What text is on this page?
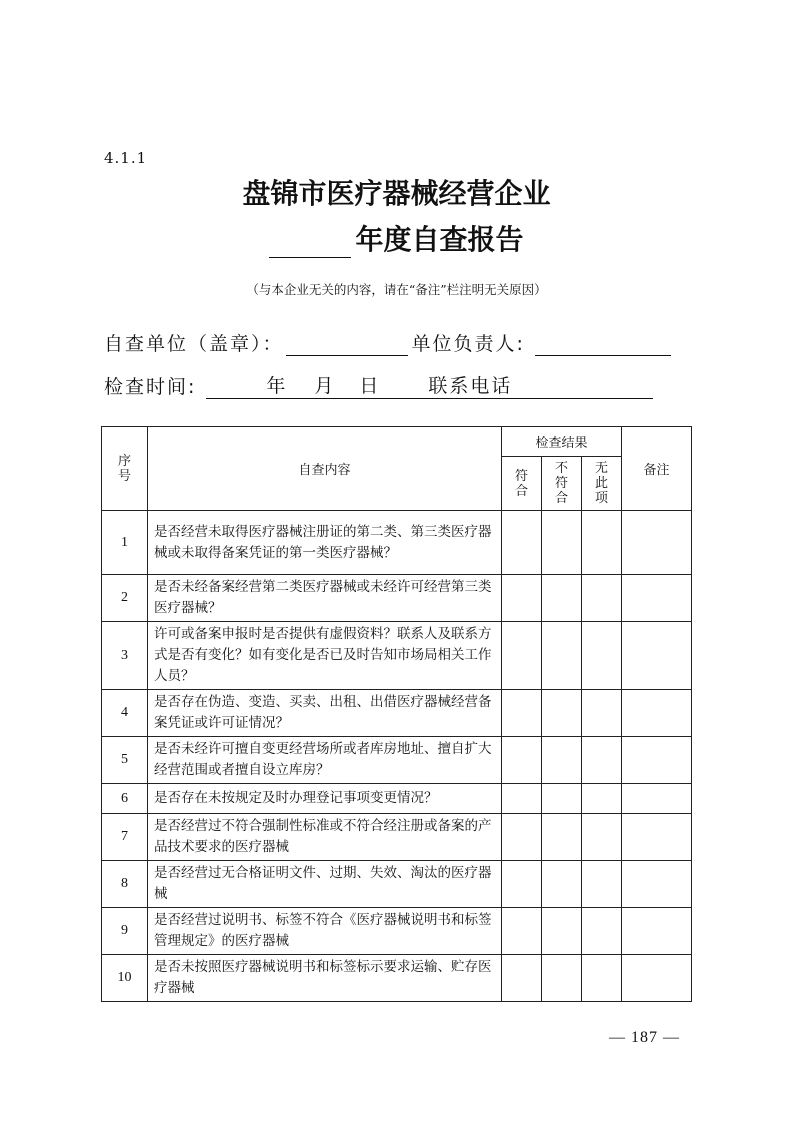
4.1.1
盘锦市医疗器械经营企业
年度自查报告
（与本企业无关的内容，请在“备注”栏注明无关原因）
自查单位（盖章）：	单位负责人:
检查时间:	年 月 日	联系电话
序号	自查内容	检查结果			备注

		符合	不符合	无此项	

1	是否经营未取得医疗器械注册证的第二类、第三类医疗器械或未取得备案凭证的第一类医疗器械？				
2	是否未经备案经营第二类医疗器械或未经许可经营第三类医疗器械？				
3	许可或备案申报时是否提供有虚假资料？联系人及联系方式是否有变化？如有变化是否已及时告知市场局相关工作人员？				
4	是否存在伪造、变造、买卖、出租、出借医疗器械经营备案凭证或许可证情况？				
5	是否未经许可擅自变更经营场所或者库房地址、擅自扩大经营范围或者擅自设立库房？				
6	是否存在未按规定及时办理登记事项变更情况？				
7	是否经营过不符合强制性标准或不符合经注册或备案的产品技术要求的医疗器械				
8	是否经营过无合格证明文件、过期、失效、淘汰的医疗器械				
9	是否经营过说明书、标签不符合《医疗器械说明书和标签管理规定》的医疗器械				
10	是否未按照医疗器械说明书和标签标示要求运输、贮存医疗器械				
— 187 —
